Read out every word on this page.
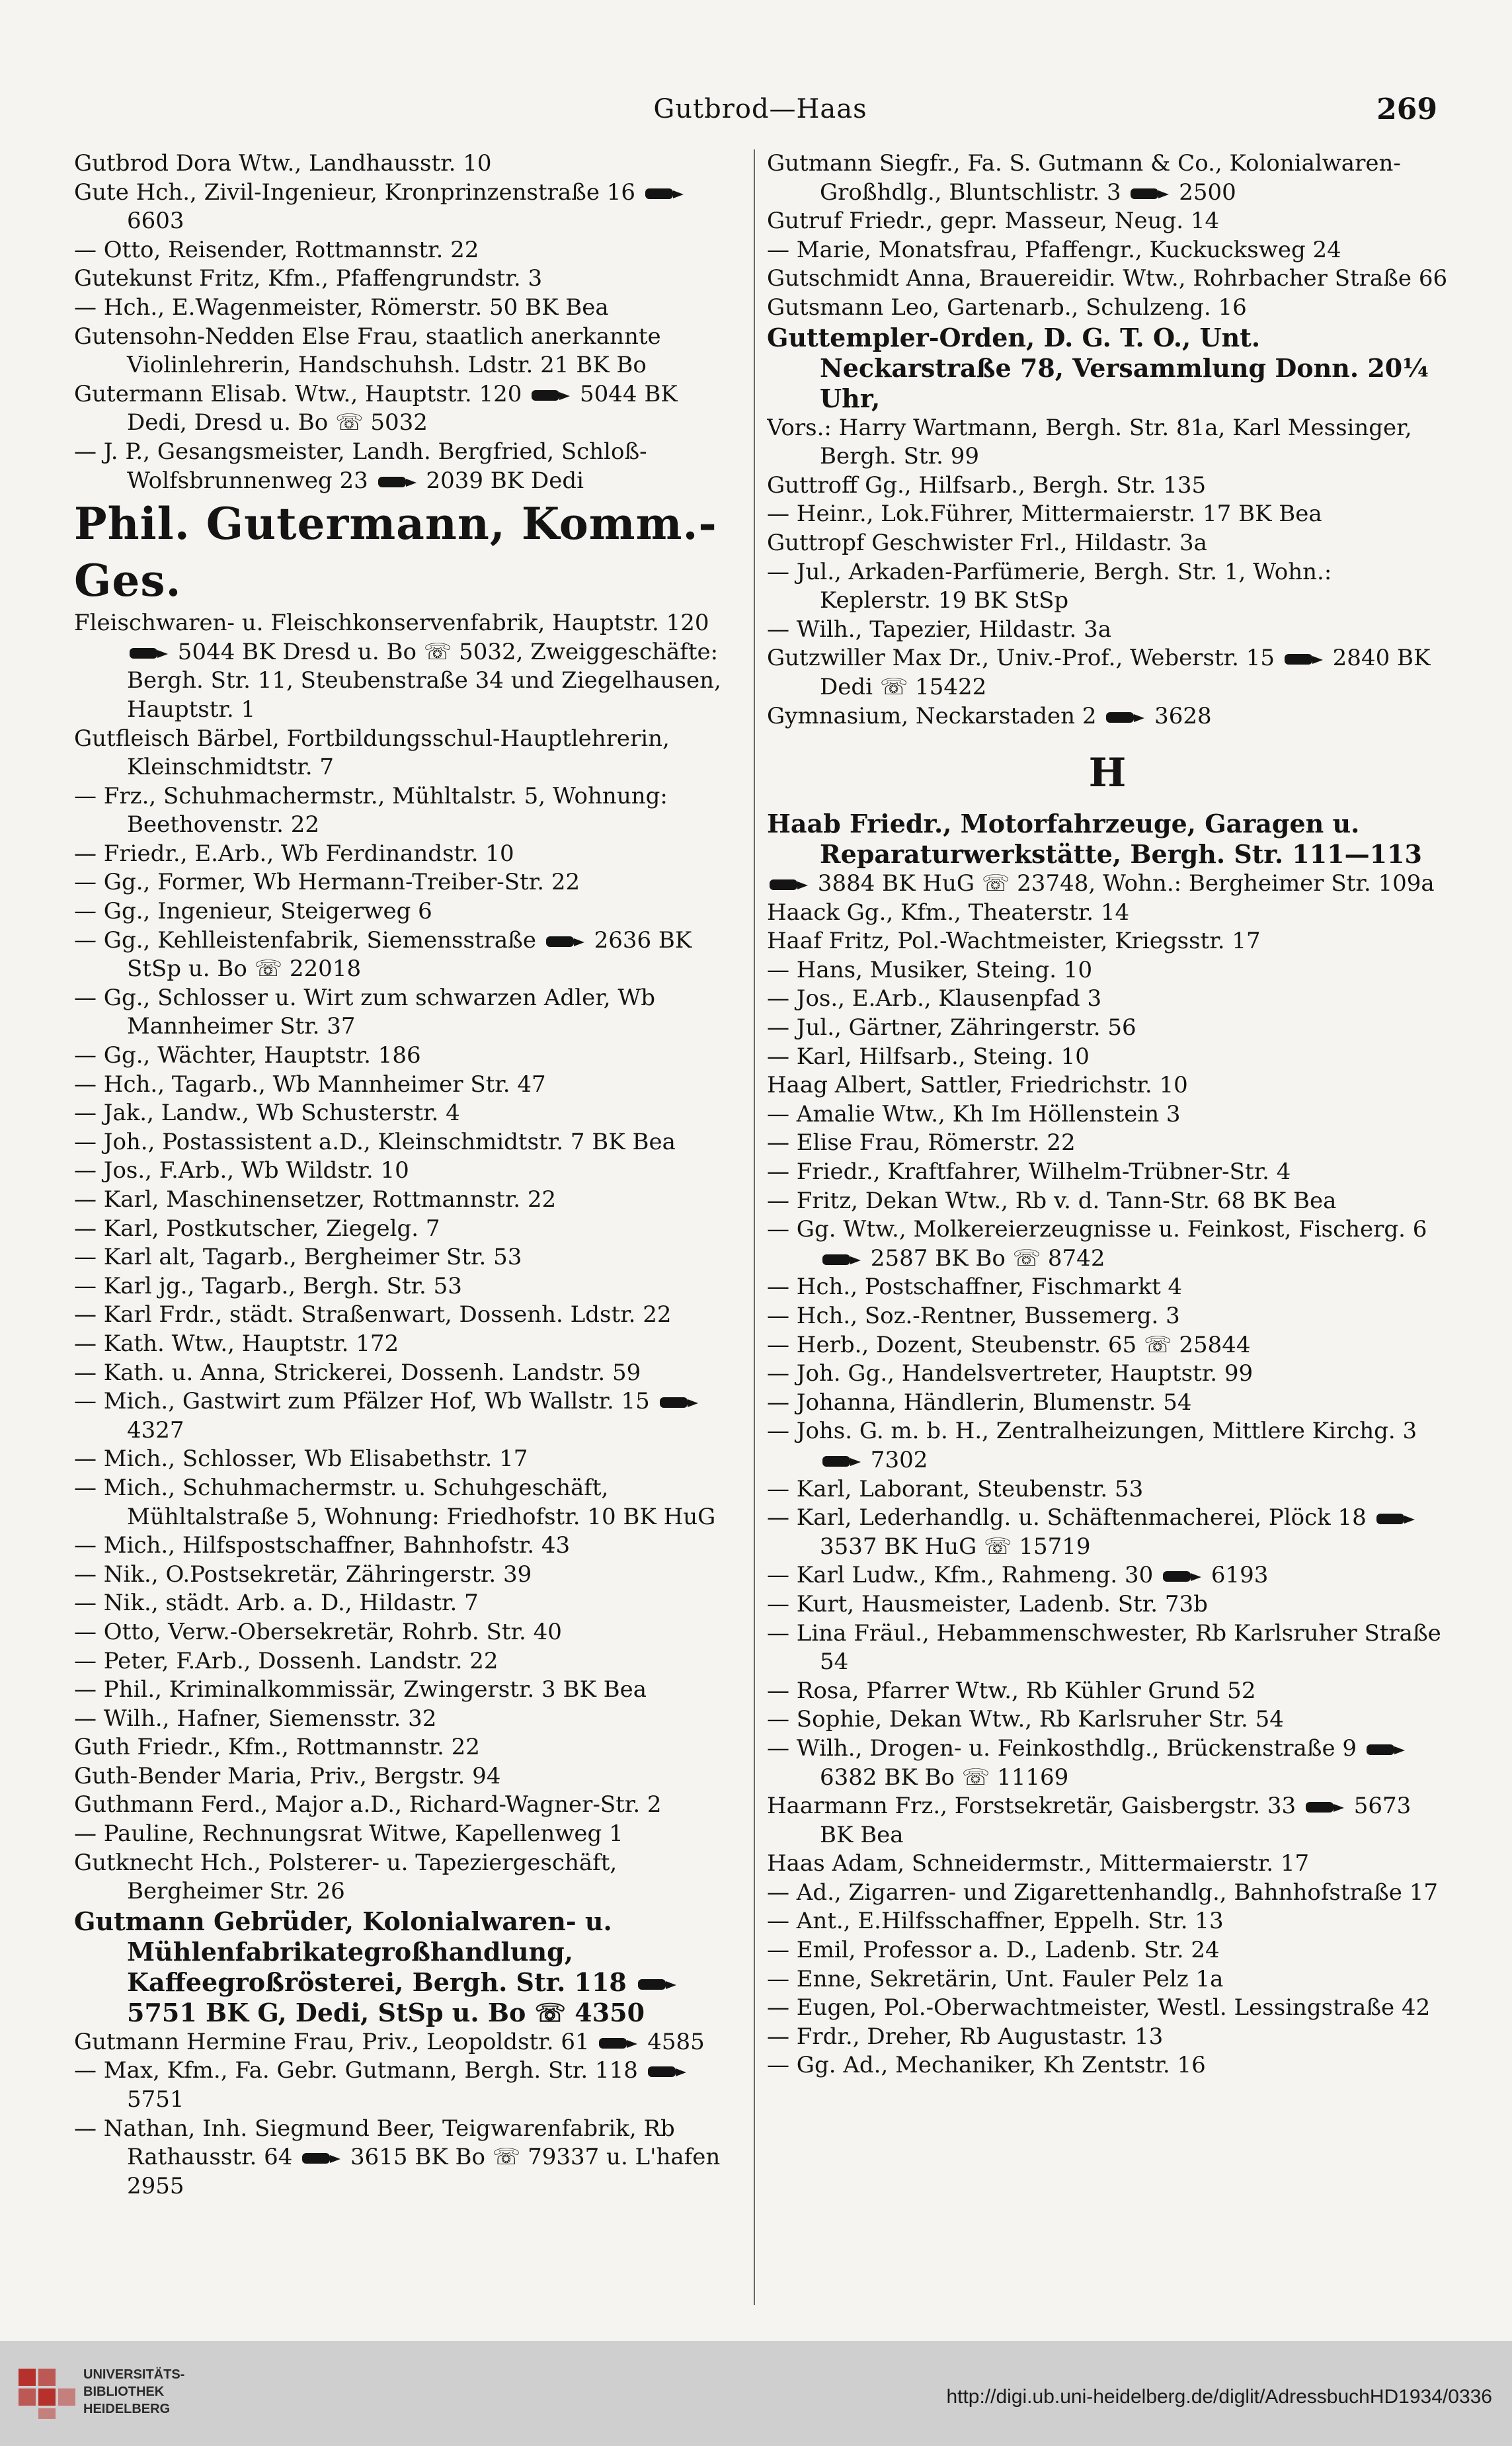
Gutbrod—Haas	269
Gutbrod Dora Wtw., Landhausstr. 10
Gute Hch., Zivil-Ingenieur, Kronprinzenstraße 16  6603
— Otto, Reisender, Rottmannstr. 22
Gutekunst Fritz, Kfm., Pfaffengrundstr. 3
— Hch., E.Wagenmeister, Römerstr. 50 BK Bea
Gutensohn-Nedden Else Frau, staatlich anerkannte Violinlehrerin, Handschuhsh. Ldstr. 21 BK Bo
Gutermann Elisab. Wtw., Hauptstr. 120  5044 BK Dedi, Dresd u. Bo ☏ 5032
— J. P., Gesangsmeister, Landh. Bergfried, Schloß-Wolfsbrunnenweg 23  2039 BK Dedi
Phil. Gutermann, Komm.-Ges.
Fleischwaren- u. Fleischkonservenfabrik, Hauptstr. 120  5044 BK Dresd u. Bo ☏ 5032, Zweiggeschäfte: Bergh. Str. 11, Steubenstraße 34 und Ziegelhausen, Hauptstr. 1
Gutfleisch Bärbel, Fortbildungsschul-Hauptlehrerin, Kleinschmidtstr. 7
— Frz., Schuhmachermstr., Mühltalstr. 5, Wohnung: Beethovenstr. 22
— Friedr., E.Arb., Wb Ferdinandstr. 10
— Gg., Former, Wb Hermann-Treiber-Str. 22
— Gg., Ingenieur, Steigerweg 6
— Gg., Kehlleistenfabrik, Siemensstraße  2636 BK StSp u. Bo ☏ 22018
— Gg., Schlosser u. Wirt zum schwarzen Adler, Wb Mannheimer Str. 37
— Gg., Wächter, Hauptstr. 186
— Hch., Tagarb., Wb Mannheimer Str. 47
— Jak., Landw., Wb Schusterstr. 4
— Joh., Postassistent a.D., Kleinschmidtstr. 7 BK Bea
— Jos., F.Arb., Wb Wildstr. 10
— Karl, Maschinensetzer, Rottmannstr. 22
— Karl, Postkutscher, Ziegelg. 7
— Karl alt, Tagarb., Bergheimer Str. 53
— Karl jg., Tagarb., Bergh. Str. 53
— Karl Frdr., städt. Straßenwart, Dossenh. Ldstr. 22
— Kath. Wtw., Hauptstr. 172
— Kath. u. Anna, Strickerei, Dossenh. Landstr. 59
— Mich., Gastwirt zum Pfälzer Hof, Wb Wallstr. 15  4327
— Mich., Schlosser, Wb Elisabethstr. 17
— Mich., Schuhmachermstr. u. Schuhgeschäft, Mühltalstraße 5, Wohnung: Friedhofstr. 10 BK HuG
— Mich., Hilfspostschaffner, Bahnhofstr. 43
— Nik., O.Postsekretär, Zähringerstr. 39
— Nik., städt. Arb. a. D., Hildastr. 7
— Otto, Verw.-Obersekretär, Rohrb. Str. 40
— Peter, F.Arb., Dossenh. Landstr. 22
— Phil., Kriminalkommissär, Zwingerstr. 3 BK Bea
— Wilh., Hafner, Siemensstr. 32
Guth Friedr., Kfm., Rottmannstr. 22
Guth-Bender Maria, Priv., Bergstr. 94
Guthmann Ferd., Major a.D., Richard-Wagner-Str. 2
— Pauline, Rechnungsrat Witwe, Kapellenweg 1
Gutknecht Hch., Polsterer- u. Tapeziergeschäft, Bergheimer Str. 26
Gutmann Gebrüder, Kolonialwaren- u. Mühlenfabrikategroßhandlung, Kaffeegroßrösterei, Bergh. Str. 118  5751 BK G, Dedi, StSp u. Bo ☏ 4350
Gutmann Hermine Frau, Priv., Leopoldstr. 61  4585
— Max, Kfm., Fa. Gebr. Gutmann, Bergh. Str. 118  5751
— Nathan, Inh. Siegmund Beer, Teigwarenfabrik, Rb Rathausstr. 64  3615 BK Bo ☏ 79337 u. L'hafen 2955
Gutmann Siegfr., Fa. S. Gutmann & Co., Kolonialwaren-Großhdlg., Bluntschlistr. 3  2500
Gutruf Friedr., gepr. Masseur, Neug. 14
— Marie, Monatsfrau, Pfaffengr., Kuckucksweg 24
Gutschmidt Anna, Brauereidir. Wtw., Rohrbacher Straße 66
Gutsmann Leo, Gartenarb., Schulzeng. 16
Guttempler-Orden, D. G. T. O., Unt. Neckarstraße 78, Versammlung Donn. 20¼ Uhr,
Vors.: Harry Wartmann, Bergh. Str. 81a, Karl Messinger, Bergh. Str. 99
Guttroff Gg., Hilfsarb., Bergh. Str. 135
— Heinr., Lok.Führer, Mittermaierstr. 17 BK Bea
Guttropf Geschwister Frl., Hildastr. 3a
— Jul., Arkaden-Parfümerie, Bergh. Str. 1, Wohn.: Keplerstr. 19 BK StSp
— Wilh., Tapezier, Hildastr. 3a
Gutzwiller Max Dr., Univ.-Prof., Weberstr. 15  2840 BK Dedi ☏ 15422
Gymnasium, Neckarstaden 2  3628
H
Haab Friedr., Motorfahrzeuge, Garagen u. Reparaturwerkstätte, Bergh. Str. 111—113
3884 BK HuG ☏ 23748, Wohn.: Bergheimer Str. 109a
Haack Gg., Kfm., Theaterstr. 14
Haaf Fritz, Pol.-Wachtmeister, Kriegsstr. 17
— Hans, Musiker, Steing. 10
— Jos., E.Arb., Klausenpfad 3
— Jul., Gärtner, Zähringerstr. 56
— Karl, Hilfsarb., Steing. 10
Haag Albert, Sattler, Friedrichstr. 10
— Amalie Wtw., Kh Im Höllenstein 3
— Elise Frau, Römerstr. 22
— Friedr., Kraftfahrer, Wilhelm-Trübner-Str. 4
— Fritz, Dekan Wtw., Rb v. d. Tann-Str. 68 BK Bea
— Gg. Wtw., Molkereierzeugnisse u. Feinkost, Fischerg. 6  2587 BK Bo ☏ 8742
— Hch., Postschaffner, Fischmarkt 4
— Hch., Soz.-Rentner, Bussemerg. 3
— Herb., Dozent, Steubenstr. 65 ☏ 25844
— Joh. Gg., Handelsvertreter, Hauptstr. 99
— Johanna, Händlerin, Blumenstr. 54
— Johs. G. m. b. H., Zentralheizungen, Mittlere Kirchg. 3  7302
— Karl, Laborant, Steubenstr. 53
— Karl, Lederhandlg. u. Schäftenmacherei, Plöck 18  3537 BK HuG ☏ 15719
— Karl Ludw., Kfm., Rahmeng. 30  6193
— Kurt, Hausmeister, Ladenb. Str. 73b
— Lina Fräul., Hebammenschwester, Rb Karlsruher Straße 54
— Rosa, Pfarrer Wtw., Rb Kühler Grund 52
— Sophie, Dekan Wtw., Rb Karlsruher Str. 54
— Wilh., Drogen- u. Feinkosthdlg., Brückenstraße 9  6382 BK Bo ☏ 11169
Haarmann Frz., Forstsekretär, Gaisbergstr. 33  5673 BK Bea
Haas Adam, Schneidermstr., Mittermaierstr. 17
— Ad., Zigarren- und Zigarettenhandlg., Bahnhofstraße 17
— Ant., E.Hilfsschaffner, Eppelh. Str. 13
— Emil, Professor a. D., Ladenb. Str. 24
— Enne, Sekretärin, Unt. Fauler Pelz 1a
— Eugen, Pol.-Oberwachtmeister, Westl. Lessingstraße 42
— Frdr., Dreher, Rb Augustastr. 13
— Gg. Ad., Mechaniker, Kh Zentstr. 16
UNIVERSITÄTS-
BIBLIOTHEK
HEIDELBERG
http://digi.ub.uni-heidelberg.de/diglit/AdressbuchHD1934/0336
